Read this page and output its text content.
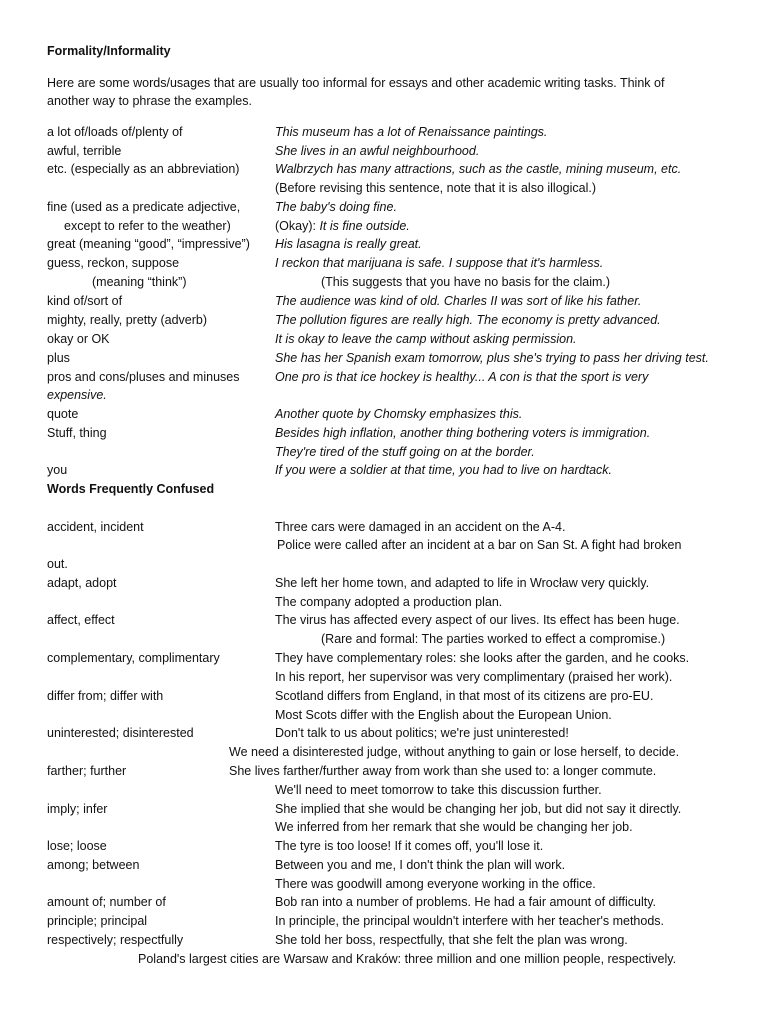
Formality/Informality
Here are some words/usages that are usually too informal for essays and other academic writing tasks. Think of
another way to phrase the examples.
a lot of/loads of/plenty of	This museum has a lot of Renaissance paintings.
awful, terrible	She lives in an awful neighbourhood.
etc. (especially as an abbreviation)	Walbrzych has many attractions, such as the castle, mining museum, etc.
(Before revising this sentence, note that it is also illogical.)
fine (used as a predicate adjective,	The baby's doing fine.
except to refer to the weather)	(Okay): It is fine outside.
great (meaning “good”, “impressive”) His lasagna is really great.
guess, reckon, suppose	I reckon that marijuana is safe. I suppose that it's harmless.
(meaning “think”)	(This suggests that you have no basis for the claim.)
kind of/sort of	The audience was kind of old. Charles II was sort of like his father.
mighty, really, pretty (adverb)	The pollution figures are really high. The economy is pretty advanced.
okay or OK	It is okay to leave the camp without asking permission.
plus	She has her Spanish exam tomorrow, plus she's trying to pass her driving test.
pros and cons/pluses and minuses	One pro is that ice hockey is healthy... A con is that the sport is very
expensive.
quote	Another quote by Chomsky emphasizes this.
Stuff, thing	Besides high inflation, another thing bothering voters is immigration.
They're tired of the stuff going on at the border.
you	If you were a soldier at that time, you had to live on hardtack.
Words Frequently Confused
accident, incident	Three cars were damaged in an accident on the A-4.
Police were called after an incident at a bar on San St. A fight had broken
out.
adapt, adopt	She left her home town, and adapted to life in Wrocław very quickly.
The company adopted a production plan.
affect, effect	The virus has affected every aspect of our lives. Its effect has been huge.
(Rare and formal: The parties worked to effect a compromise.)
complementary, complimentary	They have complementary roles: she looks after the garden, and he cooks.
In his report, her supervisor was very complimentary (praised her work).
differ from; differ with	Scotland differs from England, in that most of its citizens are pro-EU.
Most Scots differ with the English about the European Union.
uninterested; disinterested	Don't talk to us about politics; we're just uninterested!
We need a disinterested judge, without anything to gain or lose herself, to decide.
farther; further	She lives farther/further away from work than she used to: a longer commute.
We'll need to meet tomorrow to take this discussion further.
imply; infer	She implied that she would be changing her job, but did not say it directly.
We inferred from her remark that she would be changing her job.
lose; loose	The tyre is too loose! If it comes off, you'll lose it.
among; between	Between you and me, I don't think the plan will work.
There was goodwill among everyone working in the office.
amount of; number of	Bob ran into a number of problems. He had a fair amount of difficulty.
principle; principal	In principle, the principal wouldn't interfere with her teacher's methods.
respectively; respectfully	She told her boss, respectfully, that she felt the plan was wrong.
Poland's largest cities are Warsaw and Kraków: three million and one million people, respectively.
